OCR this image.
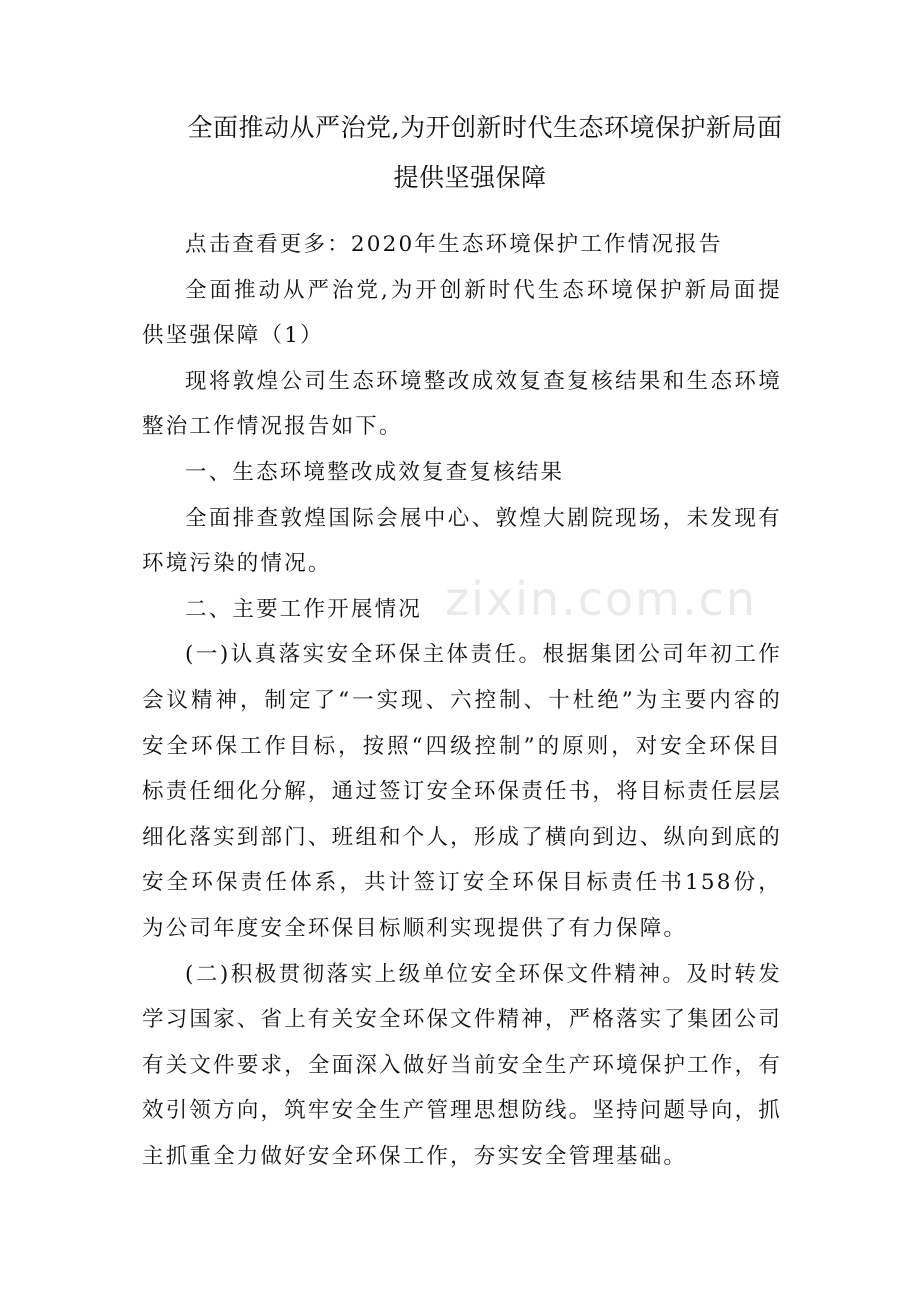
全面推动从严治党,为开创新时代生态环境保护新局面
提供坚强保障

点击查看更多：2020年生态环境保护工作情况报告

全面推动从严治党,为开创新时代生态环境保护新局面提供坚强保障（1）

现将敦煌公司生态环境整改成效复查复核结果和生态环境整治工作情况报告如下。

一、生态环境整改成效复查复核结果

全面排查敦煌国际会展中心、敦煌大剧院现场，未发现有环境污染的情况。

二、主要工作开展情况

(一)认真落实安全环保主体责任。根据集团公司年初工作会议精神，制定了“一实现、六控制、十杜绝”为主要内容的安全环保工作目标，按照“四级控制”的原则，对安全环保目标责任细化分解，通过签订安全环保责任书，将目标责任层层细化落实到部门、班组和个人，形成了横向到边、纵向到底的安全环保责任体系，共计签订安全环保目标责任书158份，为公司年度安全环保目标顺利实现提供了有力保障。

(二)积极贯彻落实上级单位安全环保文件精神。及时转发学习国家、省上有关安全环保文件精神，严格落实了集团公司有关文件要求，全面深入做好当前安全生产环境保护工作，有效引领方向，筑牢安全生产管理思想防线。坚持问题导向，抓主抓重全力做好安全环保工作，夯实安全管理基础。

zixin.com.cn
